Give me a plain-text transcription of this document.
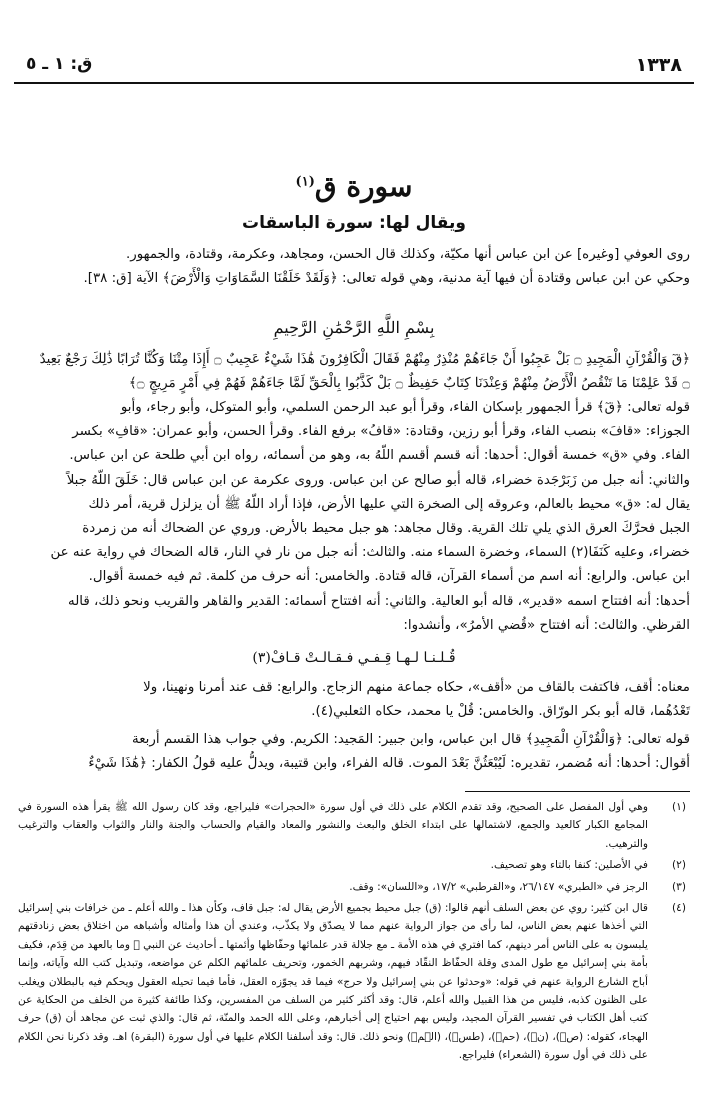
١٣٣٨
ق: ١ ـ ٥
سورة ق$^{(١)}$
ويقال لها: سورة الباسقات

روى العوفي [وغيره] عن ابن عباس أنها مكيّة، وكذلك قال الحسن، ومجاهد، وعكرمة، وقتادة، والجمهور.

وحكي عن ابن عباس وقتادة أن فيها آية مدنية، وهي قوله تعالى: ﴿وَلَقَدْ خَلَقْنَا السَّمَاوَاتِ وَالْأَرْضَ﴾ الآية [ق: ٣٨].

بِسْمِ اللَّهِ الرَّحْمَٰنِ الرَّحِيمِ

﴿قٓ وَالْقُرْآنِ الْمَجِيدِ ۝ بَلْ عَجِبُوا أَنْ جَاءَهُمْ مُنْذِرٌ مِنْهُمْ فَقَالَ الْكَافِرُونَ هَٰذَا شَيْءٌ عَجِيبٌ ۝ أَإِذَا مِتْنَا وَكُنَّا تُرَابًا ذَٰلِكَ رَجْعٌ بَعِيدٌ

۝ قَدْ عَلِمْنَا مَا تَنْقُصُ الْأَرْضُ مِنْهُمْ وَعِنْدَنَا كِتَابٌ حَفِيظٌ ۝ بَلْ كَذَّبُوا بِالْحَقِّ لَمَّا جَاءَهُمْ فَهُمْ فِي أَمْرٍ مَرِيجٍ ۝﴾

قوله تعالى: ﴿قٓ﴾ قرأ الجمهور بإسكان الفاء، وقرأ أبو عبد الرحمن السلمي، وأبو المتوكل، وأبو رجاء، وأبو

الجوزاء: «قافَ» بنصب الفاء، وقرأ أبو رزين، وقتادة: «قافُ» برفع الفاء. وقرأ الحسن، وأبو عمران: «قافِ» بكسر

الفاء. وفي «ق» خمسة أقوال: أحدها: أنه قسم أقسم اللّهُ به، وهو من أسمائه، رواه ابن أبي طلحة عن ابن عباس.

والثاني: أنه جبل من زَبَرْجَدة خضراء، قاله أبو صالح عن ابن عباس. وروى عكرمة عن ابن عباس قال: خَلَقَ اللّهُ جبلاً

يقال له: «ق» محيط بالعالم، وعروقه إلى الصخرة التي عليها الأرض، فإذا أراد اللّهُ ﷺ أن يزلزل قرية، أمر ذلك

الجبل فحرَّكَ العرق الذي يلي تلك القرية. وقال مجاهد: هو جبل محيط بالأرض. وروي عن الضحاك أنه من زمردة

خضراء، وعليه كَنَفَا(٢) السماء، وخضرة السماء منه. والثالث: أنه جبل من نار في النار، قاله الضحاك في رواية عنه عن

ابن عباس. والرابع: أنه اسم من أسماء القرآن، قاله قتادة. والخامس: أنه حرف من كلمة. ثم فيه خمسة أقوال.

أحدها: أنه افتتاح اسمه «قدير»، قاله أبو العالية. والثاني: أنه افتتاح أسمائه: القدير والقاهر والقريب ونحو ذلك، قاله

القرظي. والثالث: أنه افتتاح «قُضي الأمرُ»، وأنشدوا:

قُـلـنـا لـهـا قِـفـي فـقـالـتْ قـافْ(٣)

معناه: أقف، فاكتفت بالقاف من «أقف»، حكاه جماعة منهم الزجاج. والرابع: قف عند أمرنا ونهينا، ولا

تَعْدُهُما، قاله أبو بكر الورّاق. والخامس: قُلْ يا محمد، حكاه الثعلبي(٤).

قوله تعالى: ﴿وَالْقُرْآنِ الْمَجِيدِ﴾ قال ابن عباس، وابن جبير: المَجيد: الكريم. وفي جواب هذا القسم أربعة

أقوال: أحدها: أنه مُضمر، تقديره: لَيُبْعَثُنَّ بَعْدَ الموت. قاله الفراء، وابن قتيبة، ويدلُّ عليه قولُ الكفار: ﴿هَٰذَا شَيْءٌ

(١)
وهي أول المفصل على الصحيح، وقد تقدم الكلام على ذلك في أول سورة «الحجرات» فليراجع، وقد كان رسول الله ﷺ يقرأ هذه السورة في المجامع الكبار كالعيد والجمع، لاشتمالها على ابتداء الخلق والبعث والنشور والمعاد والقيام والحساب والجنة والنار والثواب والعقاب والترغيب والترهيب.
(٢)
في الأصلين: كنفا بالتاء وهو تصحيف.
(٣)
الرجز في «الطبري» ٢٦/١٤٧، و«القرطبي» ١٧/٢، و«اللسان»: وقف.
(٤)
قال ابن كثير: روي عن بعض السلف أنهم قالوا: (ق) جبل محيط بجميع الأرض يقال له: جبل قاف، وكأن هذا ـ والله أعلم ـ من خرافات بني إسرائيل التي أخذها عنهم بعض الناس، لما رأى من جواز الرواية عنهم مما لا يصدّق ولا يكذّب، وعندي أن هذا وأمثاله وأشباهه من اختلاق بعض زنادقتهم يلبسون به على الناس أمر دينهم، كما افتري في هذه الأمة ـ مع جلالة قدر علمائها وحفّاظها وأئمتها ـ أحاديث عن النبي ﷺ وما بالعهد من قِدَم، فكيف بأمة بني إسرائيل مع طول المدى وقلة الحفّاظ النقّاد فيهم، وشربهم الخمور، وتحريف علمائهم الكلم عن مواضعه، وتبديل كتب الله وآياته، وإنما أباح الشارع الرواية عنهم في قوله: «وحدثوا عن بني إسرائيل ولا حرج» فيما قد يجوّزه العقل، فأما فيما تحيله العقول ويحكم فيه بالبطلان ويغلب على الظنون كذبه، فليس من هذا القبيل والله أعلم، قال: وقد أكثر كثير من السلف من المفسرين، وكذا طائفة كثيرة من الخلف من الحكاية عن كتب أهل الكتاب في تفسير القرآن المجيد، وليس بهم احتياج إلى أخبارهم، وعلى الله الحمد والمنّة، ثم قال: والذي ثبت عن مجاهد أن (ق) حرف الهجاء، كقوله: (صۤ)، (نۤ)، (حمۤ)، (طسۤ)، (الۤمۤ) ونحو ذلك. قال: وقد أسلفنا الكلام عليها في أول سورة (البقرة) اهـ. وقد ذكرنا نحن الكلام على ذلك في أول سورة (الشعراء) فليراجع.
